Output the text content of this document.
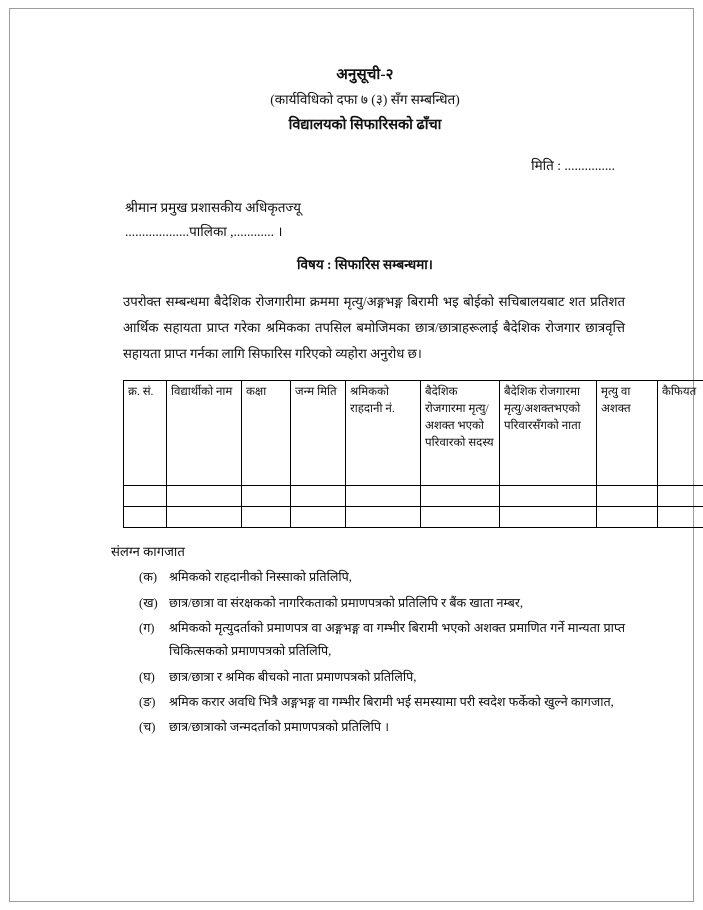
अनुसूची-२
(कार्यविधिको दफा ७ (३) सँग सम्बन्धित)
विद्यालयको सिफारिसको ढाँचा
मिति : ...............
श्रीमान प्रमुख प्रशासकीय अधिकृतज्यू
...................पालिका ,............ ।
विषय : सिफारिस सम्बन्धमा।
उपरोक्त सम्बन्धमा बैदेशिक रोजगारीमा क्रममा मृत्यु/अङ्गभङ्ग बिरामी भइ बोईको सचिबालयबाट शत प्रतिशत आर्थिक सहायता प्राप्त गरेका श्रमिकका तपसिल बमोजिमका छात्र/छात्राहरूलाई बैदेशिक रोजगार छात्रवृत्ति सहायता प्राप्त गर्नका लागि सिफारिस गरिएको व्यहोरा अनुरोध छ।
क्र. सं.	विद्यार्थीको नाम	कक्षा	जन्म मिति	श्रमिकको राहदानी नं.	बैदेशिक रोजगारमा मृत्यु/अशक्त भएको परिवारको सदस्य	बैदेशिक रोजगारमा मृत्यु/अशक्तभएको परिवारसँगको नाता	मृत्यु वा अशक्त	कैफियत

संलग्न कागजात
(क) श्रमिकको राहदानीको निस्साको प्रतिलिपि,
(ख) छात्र/छात्रा वा संरक्षकको नागरिकताको प्रमाणपत्रको प्रतिलिपि र बैंक खाता नम्बर,
(ग)	श्रमिकको मृत्युदर्ताको प्रमाणपत्र वा अङ्गभङ्ग वा गम्भीर बिरामी भएकाे अशक्त प्रमाणित गर्ने मान्यता प्राप्त चिकित्सकको प्रमाणपत्रको प्रतिलिपि,
(घ)	छात्र/छात्रा र श्रमिक बीचको नाता प्रमाणपत्रको प्रतिलिपि,
(ङ)	श्रमिक करार अवधि भित्रै अङ्गभङ्ग वा गम्भीर बिरामी भई समस्यामा परी स्वदेश फर्केको खुल्ने कागजात,
(च)	छात्र/छात्राको जन्मदर्ताको प्रमाणपत्रको प्रतिलिपि ।
